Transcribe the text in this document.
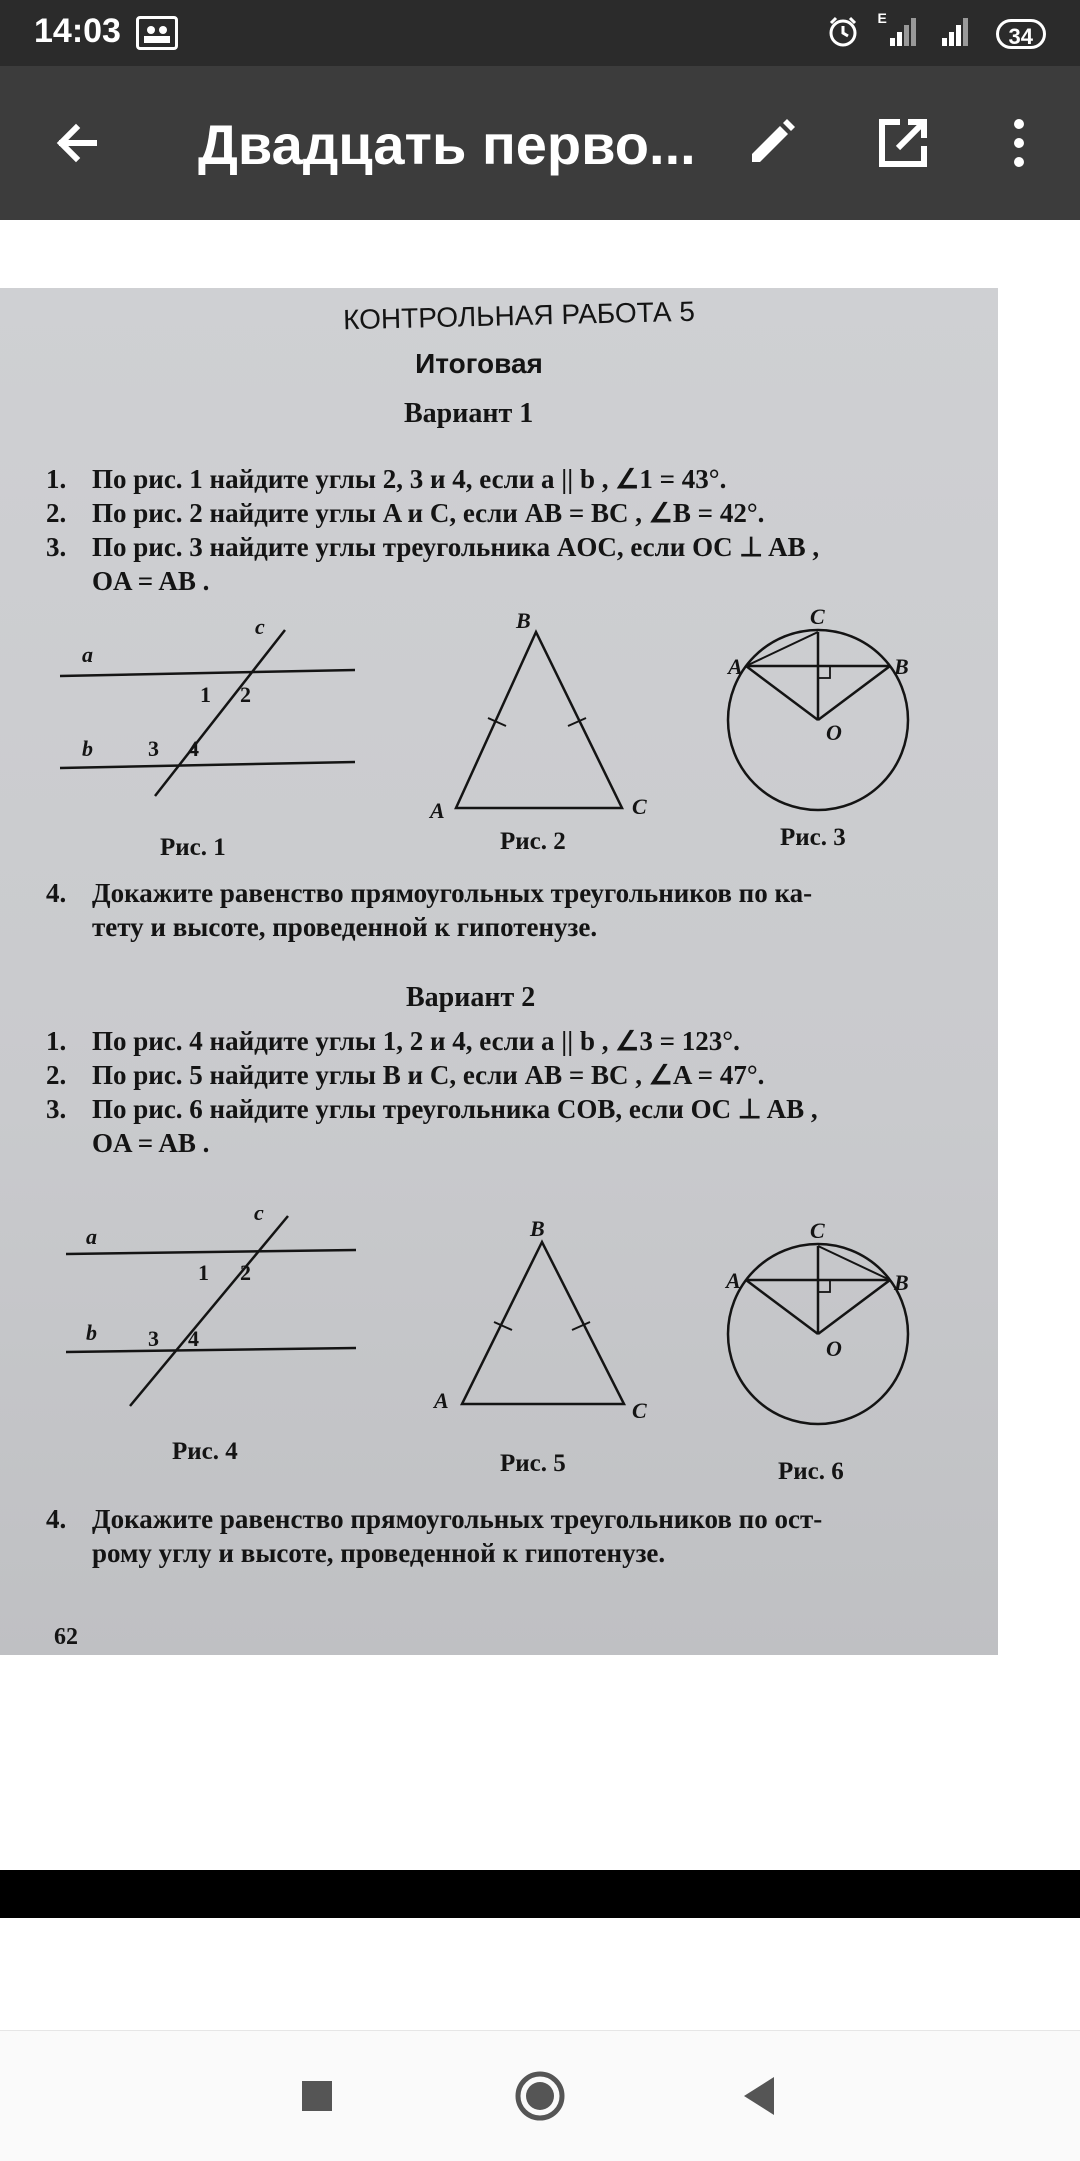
14:03	E
34
Двадцать перво...
КОНТРОЛЬНАЯ РАБОТА 5
Итоговая
Вариант 1
1. По рис. 1 найдите углы 2, 3 и 4, если a || b , ∠1 = 43°.
2. По рис. 2 найдите углы A и C, если AB = BC , ∠B = 42°.
3. По рис. 3 найдите углы треугольника AOC, если OC ⊥ AB ,
OA = AB .
a
b
c
1 2
3 4
Рис. 1
B
A	C
Рис. 2
C
A	B
O
Рис. 3
4. Докажите равенство прямоугольных треугольников по ка-
тету и высоте, проведенной к гипотенузе.
Вариант 2
1. По рис. 4 найдите углы 1, 2 и 4, если a || b , ∠3 = 123°.
2. По рис. 5 найдите углы B и C, если AB = BC , ∠A = 47°.
3. По рис. 6 найдите углы треугольника COB, если OC ⊥ AB ,
OA = AB .
a
b
c
1 2
3 4
Рис. 4
B
A	C
Рис. 5
C
A	B
O
Рис. 6
4. Докажите равенство прямоугольных треугольников по ост-
рому углу и высоте, проведенной к гипотенузе.
62
